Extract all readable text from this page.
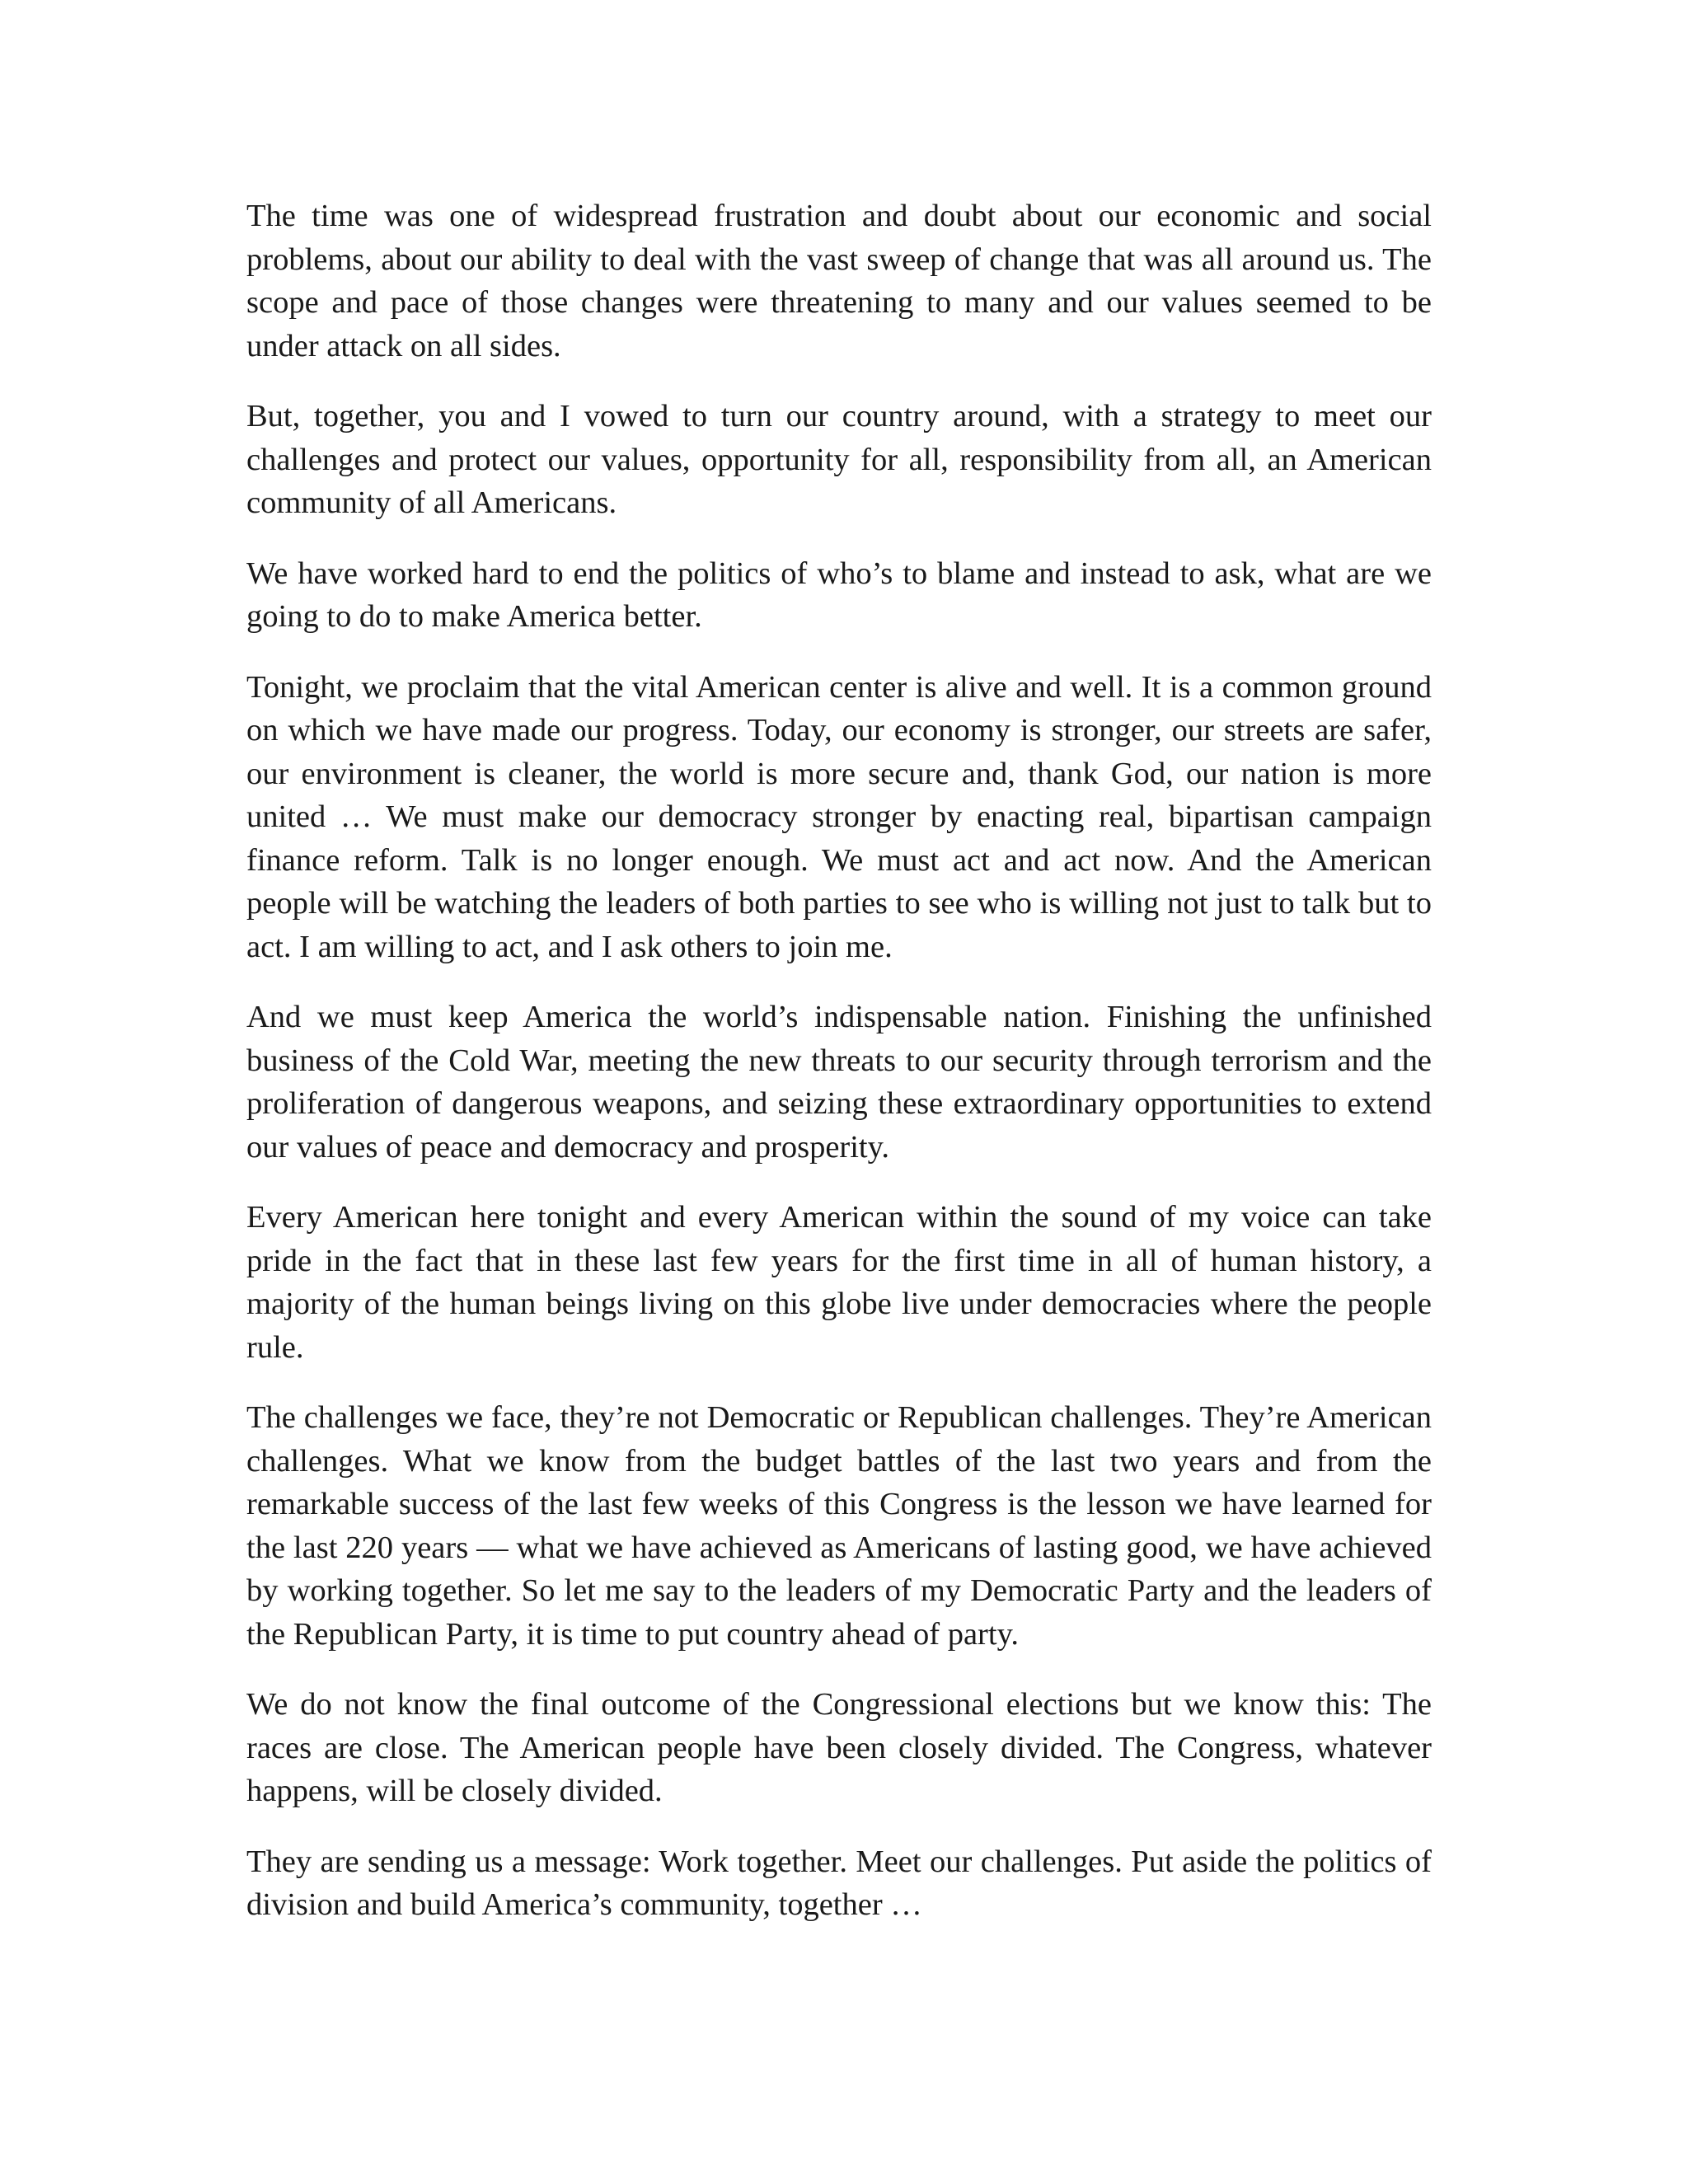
The time was one of widespread frustration and doubt about our economic and social problems, about our ability to deal with the vast sweep of change that was all around us. The scope and pace of those changes were threatening to many and our values seemed to be under attack on all sides.

But, together, you and I vowed to turn our country around, with a strategy to meet our challenges and protect our values, opportunity for all, responsibility from all, an American community of all Americans.

We have worked hard to end the politics of who’s to blame and instead to ask, what are we going to do to make America better.

Tonight, we proclaim that the vital American center is alive and well. It is a common ground on which we have made our progress. Today, our economy is stronger, our streets are safer, our environment is cleaner, the world is more secure and, thank God, our nation is more united … We must make our democracy stronger by enacting real, bipartisan campaign finance reform. Talk is no longer enough. We must act and act now. And the American people will be watching the leaders of both parties to see who is willing not just to talk but to act. I am willing to act, and I ask others to join me.

And we must keep America the world’s indispensable nation. Finishing the unfinished business of the Cold War, meeting the new threats to our security through terrorism and the proliferation of dangerous weapons, and seizing these extraordinary opportunities to extend our values of peace and democracy and prosperity.

Every American here tonight and every American within the sound of my voice can take pride in the fact that in these last few years for the first time in all of human history, a majority of the human beings living on this globe live under democracies where the people rule.

The challenges we face, they’re not Democratic or Republican challenges. They’re American challenges. What we know from the budget battles of the last two years and from the remarkable success of the last few weeks of this Congress is the lesson we have learned for the last 220 years — what we have achieved as Americans of lasting good, we have achieved by working together. So let me say to the leaders of my Democratic Party and the leaders of the Republican Party, it is time to put country ahead of party.

We do not know the final outcome of the Congressional elections but we know this: The races are close. The American people have been closely divided. The Congress, whatever happens, will be closely divided.

They are sending us a message: Work together. Meet our challenges. Put aside the politics of division and build America’s community, together …
